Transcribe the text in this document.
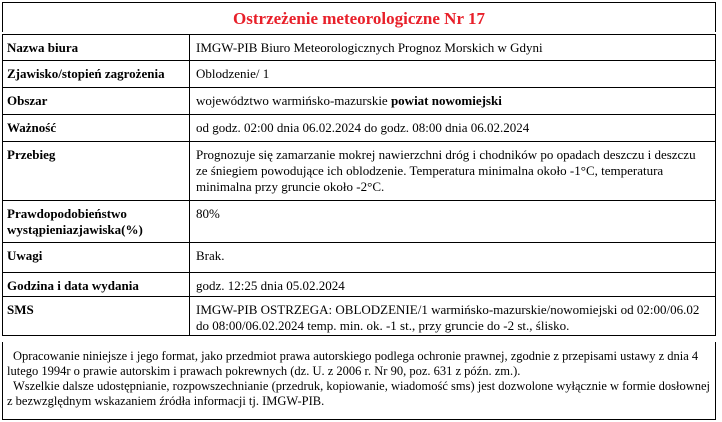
Ostrzeżenie meteorologiczne Nr 17
Nazwa biura	IMGW-PIB Biuro Meteorologicznych Prognoz Morskich w Gdyni
Zjawisko/stopień zagrożenia	Oblodzenie/ 1
Obszar	województwo warmińsko-mazurskie powiat nowomiejski
Ważność	od godz. 02:00 dnia 06.02.2024 do godz. 08:00 dnia 06.02.2024
Przebieg	Prognozuje się zamarzanie mokrej nawierzchni dróg i chodników po opadach deszczu i deszczu ze śniegiem powodujące ich oblodzenie. Temperatura minimalna około -1°C, temperatura minimalna przy gruncie około -2°C.
Prawdopodobieństwo wystąpieniazjawiska(%)	80%
Uwagi	Brak.
Godzina i data wydania	godz. 12:25 dnia 05.02.2024
SMS	IMGW-PIB OSTRZEGA: OBLODZENIE/1 warmińsko-mazurskie/nowomiejski od 02:00/06.02 do 08:00/06.02.2024 temp. min. ok. -1 st., przy gruncie do -2 st., ślisko.

Opracowanie niniejsze i jego format, jako przedmiot prawa autorskiego podlega ochronie prawnej, zgodnie z przepisami ustawy z dnia 4 lutego 1994r o prawie autorskim i prawach pokrewnych (dz. U. z 2006 r. Nr 90, poz. 631 z późn. zm.).

Wszelkie dalsze udostępnianie, rozpowszechnianie (przedruk, kopiowanie, wiadomość sms) jest dozwolone wyłącznie w formie dosłownej z bezwzględnym wskazaniem źródła informacji tj. IMGW-PIB.
